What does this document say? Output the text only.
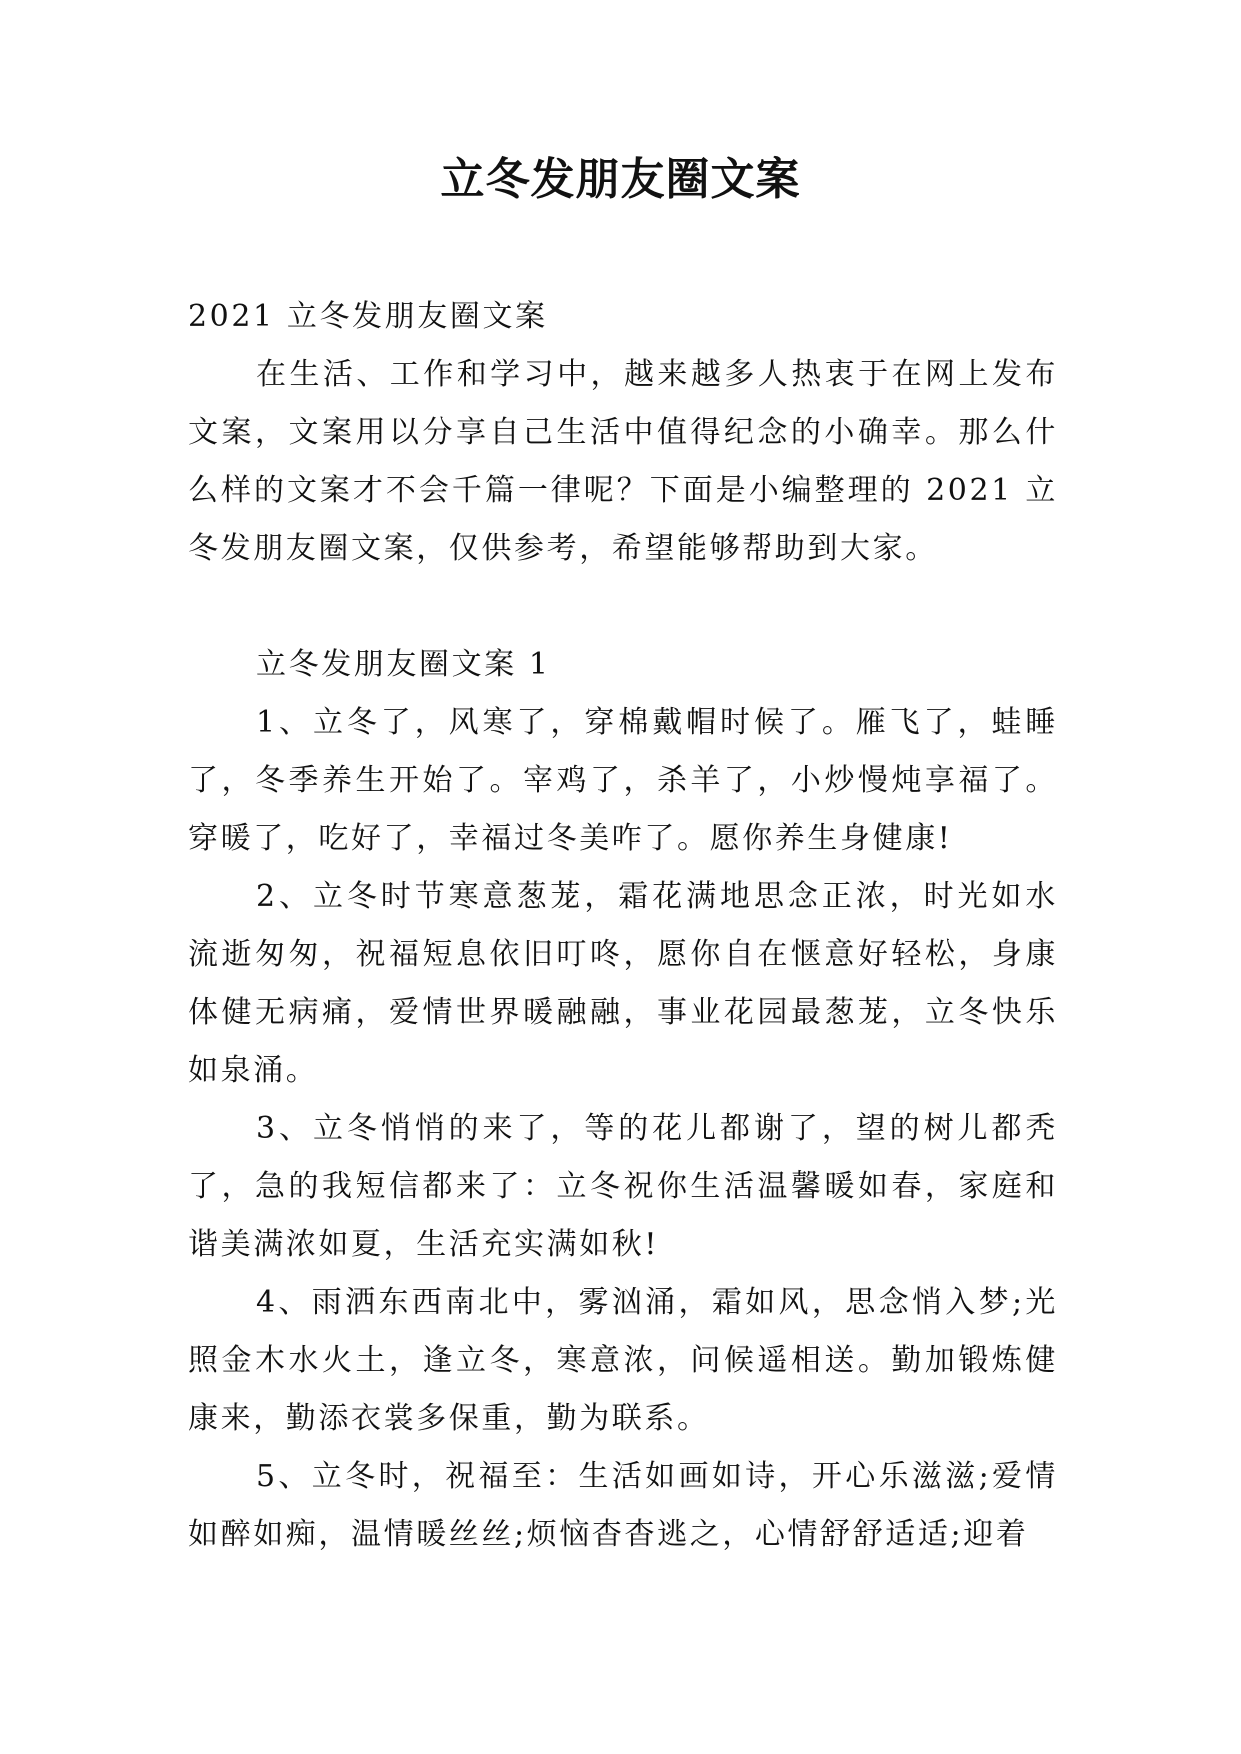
立冬发朋友圈文案

2021 立冬发朋友圈文案

在生活、工作和学习中，越来越多人热衷于在网上发布文案，文案用以分享自己生活中值得纪念的小确幸。那么什么样的文案才不会千篇一律呢？下面是小编整理的 2021 立冬发朋友圈文案，仅供参考，希望能够帮助到大家。

立冬发朋友圈文案 1

1、立冬了，风寒了，穿棉戴帽时候了。雁飞了，蛙睡了，冬季养生开始了。宰鸡了，杀羊了，小炒慢炖享福了。穿暖了，吃好了，幸福过冬美咋了。愿你养生身健康!

2、立冬时节寒意葱茏，霜花满地思念正浓，时光如水流逝匆匆，祝福短息依旧叮咚，愿你自在惬意好轻松，身康体健无病痛，爱情世界暖融融，事业花园最葱茏，立冬快乐如泉涌。

3、立冬悄悄的来了，等的花儿都谢了，望的树儿都秃了，急的我短信都来了：立冬祝你生活温馨暖如春，家庭和谐美满浓如夏，生活充实满如秋!

4、雨洒东西南北中，雾汹涌，霜如风，思念悄入梦;光照金木水火土，逢立冬，寒意浓，问候遥相送。勤加锻炼健康来，勤添衣裳多保重，勤为联系。

5、立冬时，祝福至：生活如画如诗，开心乐滋滋;爱情如醉如痴，温情暖丝丝;烦恼杳杳逃之，心情舒舒适适;迎着
